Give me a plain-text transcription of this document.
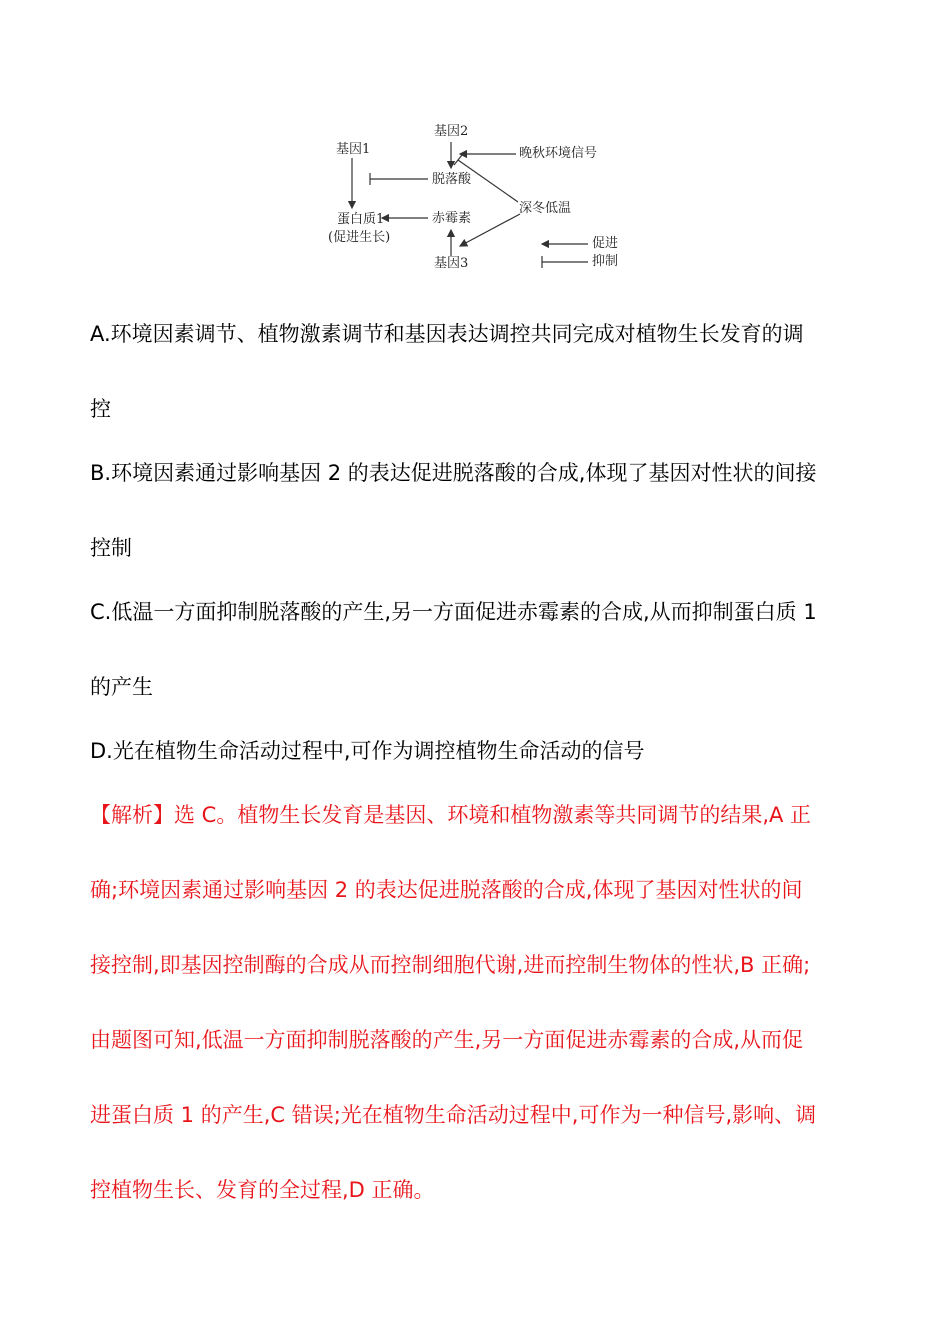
基因1
基因2
晚秋环境信号
脱落酸
深冬低温
蛋白质1	赤霉素
(促进生长)
基因3
促进
抑制
A.环境因素调节、植物激素调节和基因表达调控共同完成对植物生长发育的调
控
B.环境因素通过影响基因 2 的表达促进脱落酸的合成,体现了基因对性状的间接
控制
C.低温一方面抑制脱落酸的产生,另一方面促进赤霉素的合成,从而抑制蛋白质 1
的产生
D.光在植物生命活动过程中,可作为调控植物生命活动的信号
【解析】选 C。植物生长发育是基因、环境和植物激素等共同调节的结果,A 正
确;环境因素通过影响基因 2 的表达促进脱落酸的合成,体现了基因对性状的间
接控制,即基因控制酶的合成从而控制细胞代谢,进而控制生物体的性状,B 正确;
由题图可知,低温一方面抑制脱落酸的产生,另一方面促进赤霉素的合成,从而促
进蛋白质 1 的产生,C 错误;光在植物生命活动过程中,可作为一种信号,影响、调
控植物生长、发育的全过程,D 正确。
